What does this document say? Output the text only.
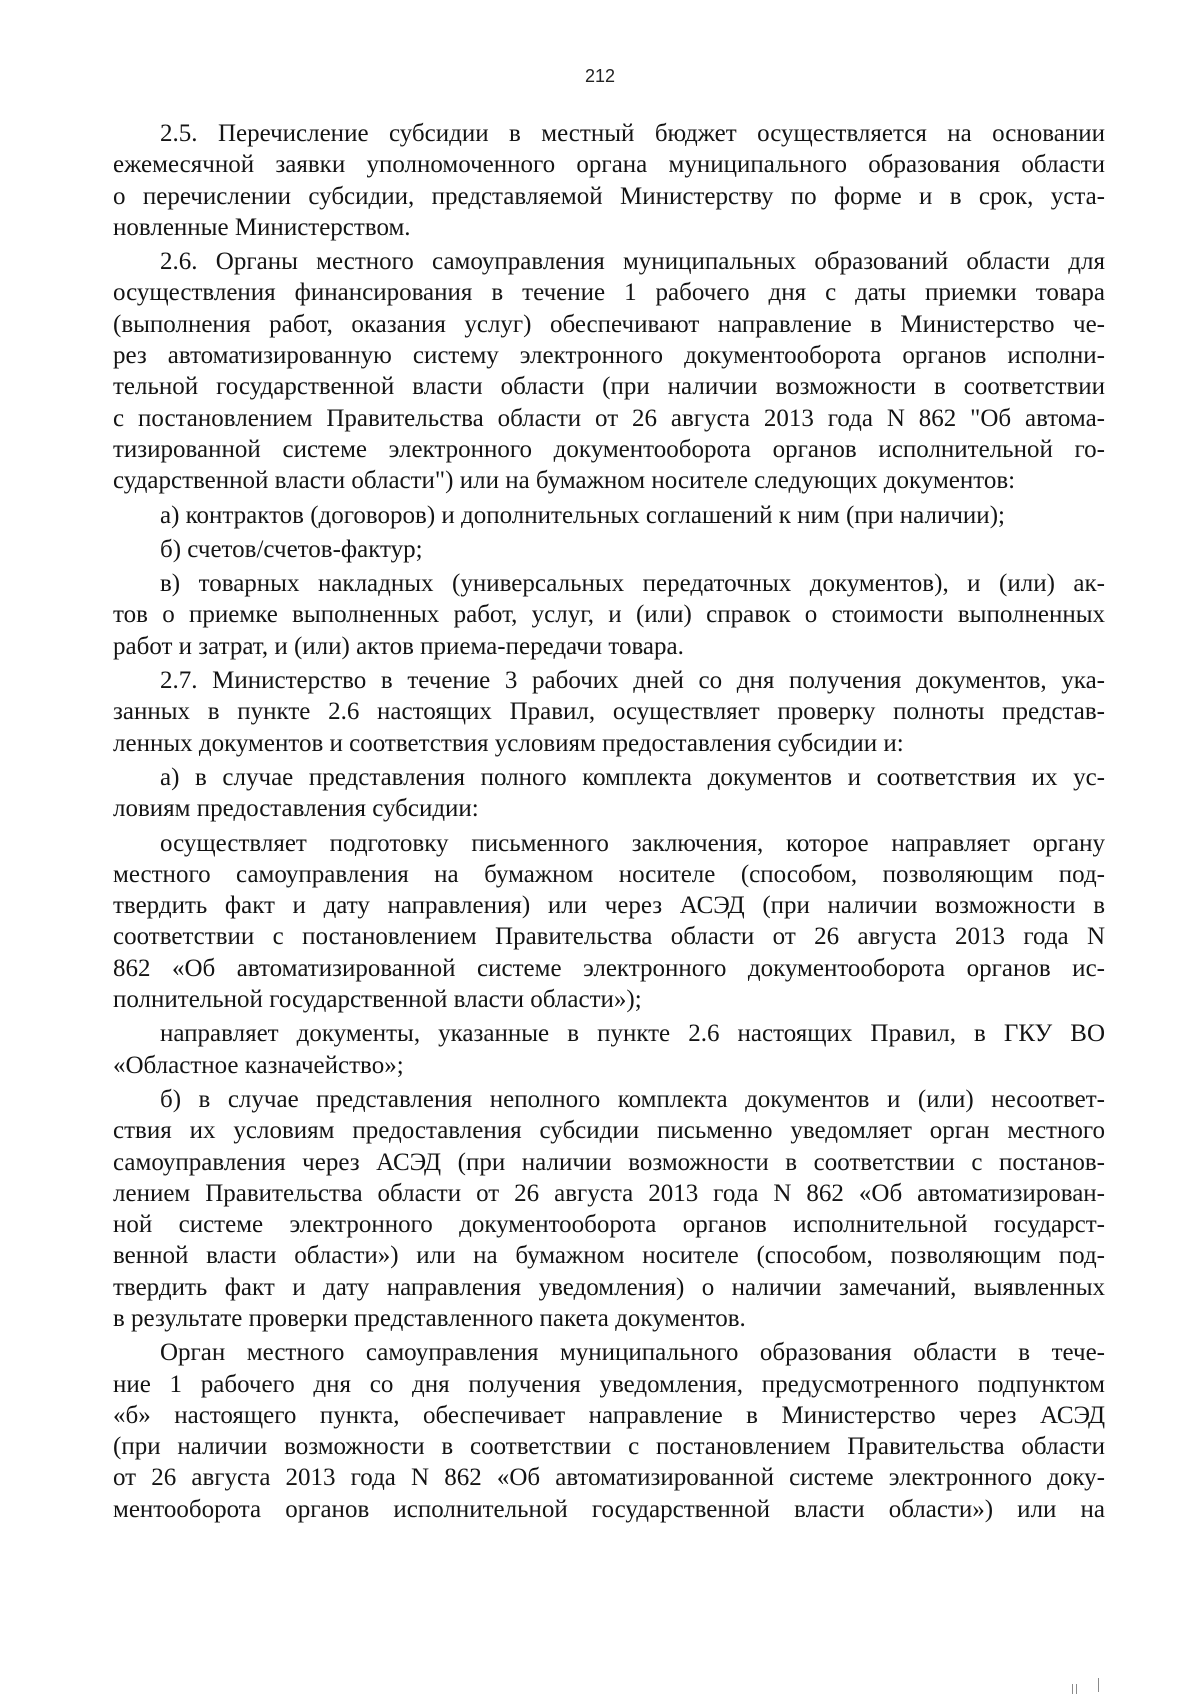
212
2.5. Перечисление субсидии в местный бюджет осуществляется на основании
ежемесячной заявки уполномоченного органа муниципального образования области
о перечислении субсидии, представляемой Министерству по форме и в срок, уста-
новленные Министерством.
2.6. Органы местного самоуправления муниципальных образований области для
осуществления финансирования в течение 1 рабочего дня с даты приемки товара
(выполнения работ, оказания услуг) обеспечивают направление в Министерство че-
рез автоматизированную систему электронного документооборота органов исполни-
тельной государственной власти области (при наличии возможности в соответствии
с постановлением Правительства области от 26 августа 2013 года N 862 "Об автома-
тизированной системе электронного документооборота органов исполнительной го-
сударственной власти области") или на бумажном носителе следующих документов:
а) контрактов (договоров) и дополнительных соглашений к ним (при наличии);
б) счетов/счетов-фактур;
в) товарных накладных (универсальных передаточных документов), и (или) ак-
тов о приемке выполненных работ, услуг, и (или) справок о стоимости выполненных
работ и затрат, и (или) актов приема-передачи товара.
2.7. Министерство в течение 3 рабочих дней со дня получения документов, ука-
занных в пункте 2.6 настоящих Правил, осуществляет проверку полноты представ-
ленных документов и соответствия условиям предоставления субсидии и:
а) в случае представления полного комплекта документов и соответствия их ус-
ловиям предоставления субсидии:
осуществляет подготовку письменного заключения, которое направляет органу
местного самоуправления на бумажном носителе (способом, позволяющим под-
твердить факт и дату направления) или через АСЭД (при наличии возможности в
соответствии с постановлением Правительства области от 26 августа 2013 года N
862 «Об автоматизированной системе электронного документооборота органов ис-
полнительной государственной власти области»);
направляет документы, указанные в пункте 2.6 настоящих Правил, в ГКУ ВО
«Областное казначейство»;
б) в случае представления неполного комплекта документов и (или) несоответ-
ствия их условиям предоставления субсидии письменно уведомляет орган местного
самоуправления через АСЭД (при наличии возможности в соответствии с постанов-
лением Правительства области от 26 августа 2013 года N 862 «Об автоматизирован-
ной системе электронного документооборота органов исполнительной государст-
венной власти области») или на бумажном носителе (способом, позволяющим под-
твердить факт и дату направления уведомления) о наличии замечаний, выявленных
в результате проверки представленного пакета документов.
Орган местного самоуправления муниципального образования области в тече-
ние 1 рабочего дня со дня получения уведомления, предусмотренного подпунктом
«б» настоящего пункта, обеспечивает направление в Министерство через АСЭД
(при наличии возможности в соответствии с постановлением Правительства области
от 26 августа 2013 года N 862 «Об автоматизированной системе электронного доку-
ментооборота органов исполнительной государственной власти области») или на
